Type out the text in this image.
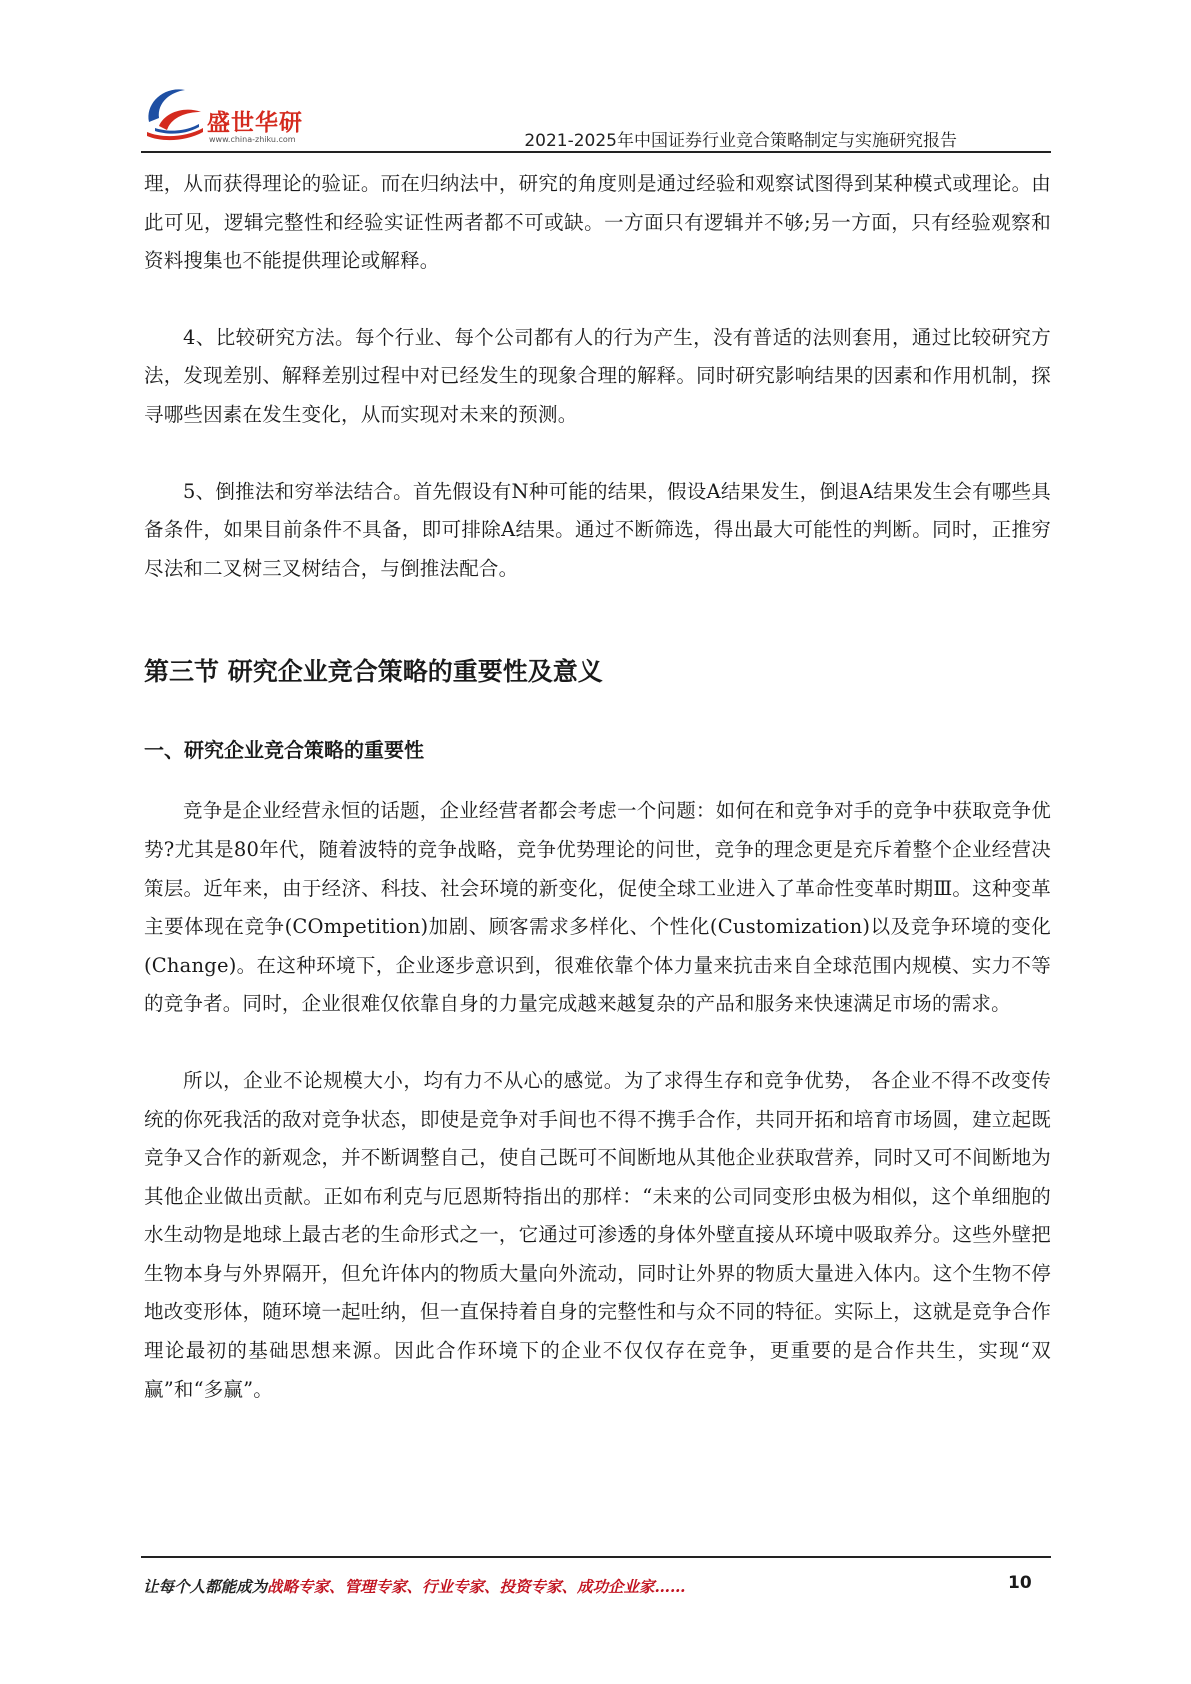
盛世华研
www.china-zhiku.com	2021-2025年中国证券行业竞合策略制定与实施研究报告

理，从而获得理论的验证。而在归纳法中，研究的角度则是通过经验和观察试图得到某种模式或理论。由此可见，逻辑完整性和经验实证性两者都不可或缺。一方面只有逻辑并不够;另一方面，只有经验观察和资料搜集也不能提供理论或解释。

4、比较研究方法。每个行业、每个公司都有人的行为产生，没有普适的法则套用，通过比较研究方法，发现差别、解释差别过程中对已经发生的现象合理的解释。同时研究影响结果的因素和作用机制，探寻哪些因素在发生变化，从而实现对未来的预测。

5、倒推法和穷举法结合。首先假设有N种可能的结果，假设A结果发生，倒退A结果发生会有哪些具备条件，如果目前条件不具备，即可排除A结果。通过不断筛选，得出最大可能性的判断。同时，正推穷尽法和二叉树三叉树结合，与倒推法配合。

第三节 研究企业竞合策略的重要性及意义
一、研究企业竞合策略的重要性

竞争是企业经营永恒的话题，企业经营者都会考虑一个问题：如何在和竞争对手的竞争中获取竞争优势?尤其是80年代，随着波特的竞争战略，竞争优势理论的问世，竞争的理念更是充斥着整个企业经营决策层。近年来，由于经济、科技、社会环境的新变化，促使全球工业进入了革命性变革时期Ⅲ。这种变革主要体现在竞争(COmpetition)加剧、顾客需求多样化、个性化(Customization)以及竞争环境的变化(Change)。在这种环境下，企业逐步意识到，很难依靠个体力量来抗击来自全球范围内规模、实力不等的竞争者。同时，企业很难仅依靠自身的力量完成越来越复杂的产品和服务来快速满足市场的需求。

所以，企业不论规模大小，均有力不从心的感觉。为了求得生存和竞争优势， 各企业不得不改变传统的你死我活的敌对竞争状态，即使是竞争对手间也不得不携手合作，共同开拓和培育市场圆，建立起既竞争又合作的新观念，并不断调整自己，使自己既可不间断地从其他企业获取营养，同时又可不间断地为其他企业做出贡献。正如布利克与厄恩斯特指出的那样：“未来的公司同变形虫极为相似，这个单细胞的水生动物是地球上最古老的生命形式之一，它通过可渗透的身体外壁直接从环境中吸取养分。这些外壁把生物本身与外界隔开，但允许体内的物质大量向外流动，同时让外界的物质大量进入体内。这个生物不停地改变形体，随环境一起吐纳，但一直保持着自身的完整性和与众不同的特征。实际上，这就是竞争合作理论最初的基础思想来源。因此合作环境下的企业不仅仅存在竞争，更重要的是合作共生，实现“双赢”和“多赢”。

让每个人都能成为战略专家、管理专家、行业专家、投资专家、成功企业家……	10
